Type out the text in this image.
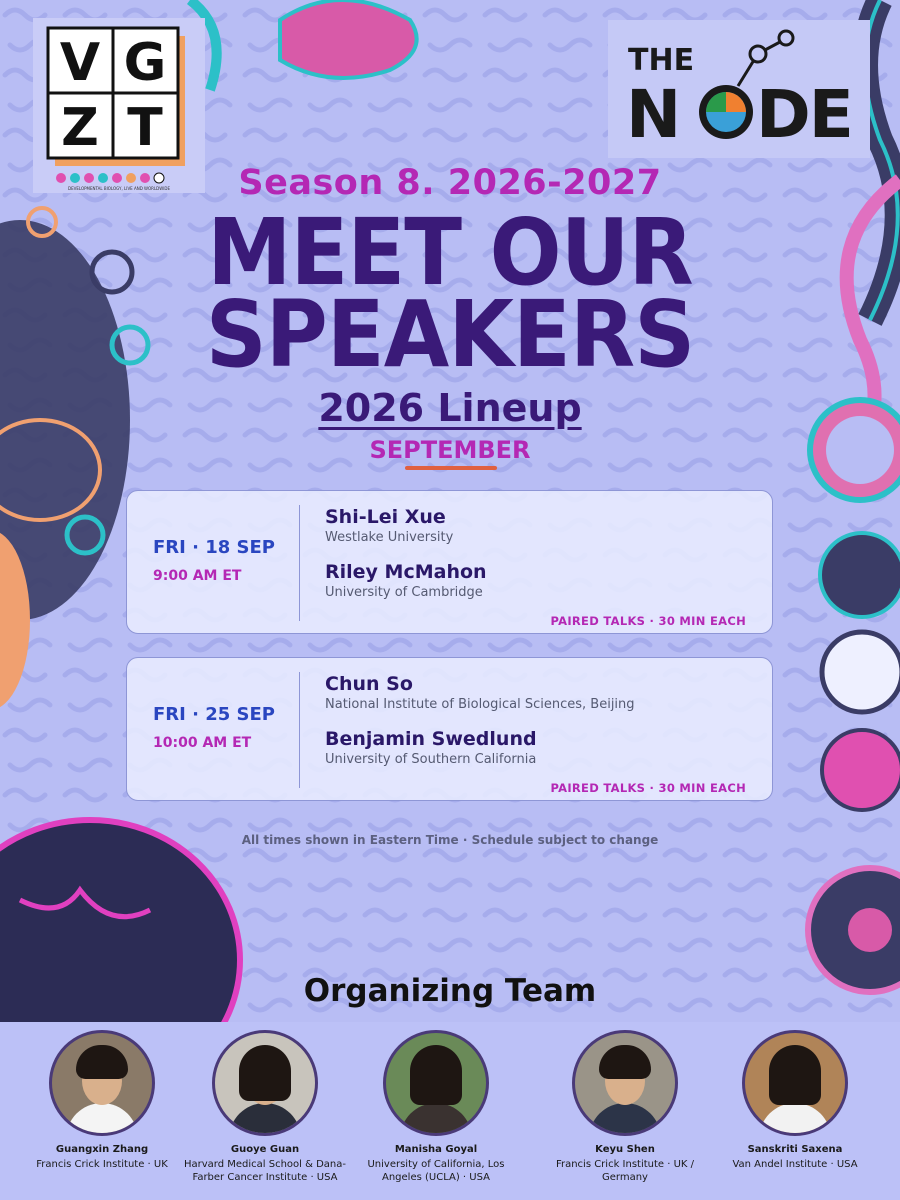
V G
Z T
DEVELOPMENTAL BIOLOGY, LIVE AND WORLDWIDE
THE
N DE
Season 8. 2026-2027
MEET OUR
SPEAKERS
2026 Lineup
SEPTEMBER
FRI · 18 SEP
9:00 AM ET
Shi-Lei Xue
Westlake University
Riley McMahon
University of Cambridge
PAIRED TALKS · 30 MIN EACH
FRI · 25 SEP
10:00 AM ET
Chun So
National Institute of Biological Sciences, Beijing
Benjamin Swedlund
University of Southern California
PAIRED TALKS · 30 MIN EACH
All times shown in Eastern Time · Schedule subject to change
Organizing Team
Guangxin Zhang
Francis Crick Institute · UK
Guoye Guan
Harvard Medical School & Dana-Farber Cancer Institute · USA
Manisha Goyal
University of California, Los Angeles (UCLA) · USA
Keyu Shen
Francis Crick Institute · UK / Germany
Sanskriti Saxena
Van Andel Institute · USA
